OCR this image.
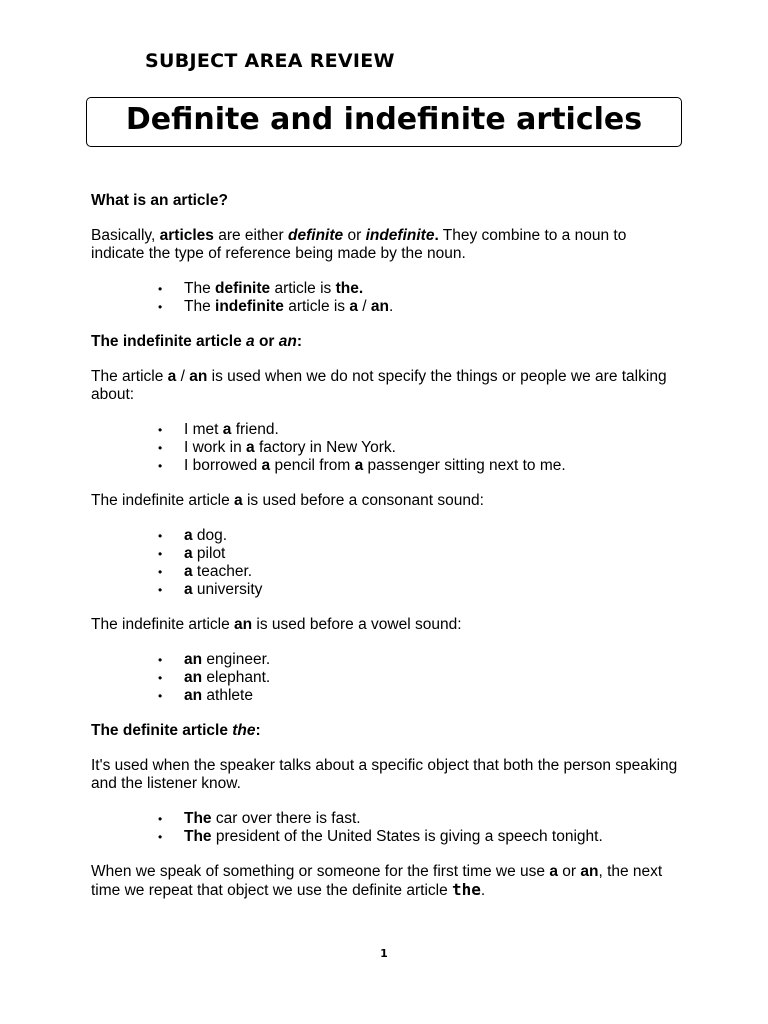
SUBJECT AREA REVIEW
Definite and indefinite articles

What is an article?

Basically, articles are either definite or indefinite. They combine to a noun to indicate the type of reference being made by the noun.

• The definite article is the.
• The indefinite article is a / an.

The indefinite article a or an:

The article a / an is used when we do not specify the things or people we are talking about:

• I met a friend.
• I work in a factory in New York.
• I borrowed a pencil from a passenger sitting next to me.

The indefinite article a is used before a consonant sound:

• a dog.
• a pilot
• a teacher.
• a university

The indefinite article an is used before a vowel sound:

• an engineer.
• an elephant.
• an athlete

The definite article the:

It's used when the speaker talks about a specific object that both the person speaking and the listener know.

• The car over there is fast.
• The president of the United States is giving a speech tonight.

When we speak of something or someone for the first time we use a or an, the next time we repeat that object we use the definite article the.

1
